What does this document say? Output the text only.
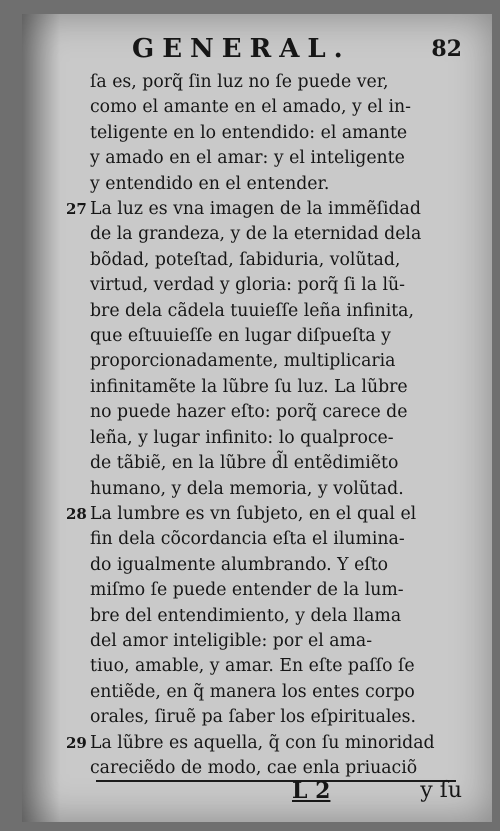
GENERAL.	82
ſa es, porq̃ ſin luz no ſe puede ver,
como el amante en el amado, y el in-
teligente en lo entendido: el amante
y amado en el amar: y el inteligente
y entendido en el entender.
27 La luz es vna imagen de la immẽſidad
de la grandeza, y de la eternidad dela
bõdad, poteſtad, ſabiduria, volũtad,
virtud, verdad y gloria: porq̃ ſi la lũ-
bre dela cãdela tuuieſſe leña infinita,
que eſtuuieſſe en lugar diſpueſta y
proporcionadamente, multiplicaria
infinitamẽte la lũbre ſu luz. La lũbre
no puede hazer eſto: porq̃ carece de
leña, y lugar infinito: lo qualproce-
de tãbiẽ, en la lũbre d̃l entẽdimiẽto
humano, y dela memoria, y volũtad.
28 La lumbre es vn ſubjeto, en el qual el
fin dela cõcordancia eſta el ilumina-
do igualmente alumbrando. Y eſto
miſmo ſe puede entender de la lum-
bre del entendimiento, y dela llama
del amor inteligible: por el ama-
tiuo, amable, y amar. En eſte paſſo ſe
entiẽde, en q̃ manera los entes corpo
orales, ſiruẽ pa ſaber los eſpirituales.
29 La lũbre es aquella, q̃ con ſu minoridad
careciẽdo de modo, cae enla priuaciõ
L 2	y ſu
